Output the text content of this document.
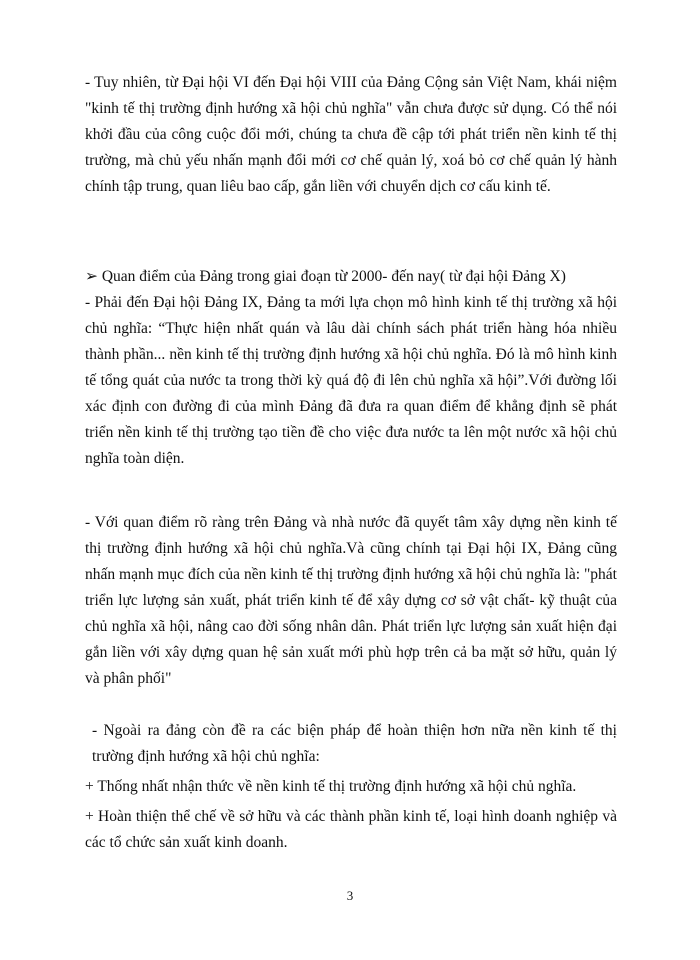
- Tuy nhiên, từ Đại hội VI đến Đại hội VIII của Đảng Cộng sản Việt Nam, khái niệm "kinh tế thị trường định hướng xã hội chủ nghĩa" vẫn chưa được sử dụng. Có thể nói khởi đầu của công cuộc đổi mới, chúng ta chưa đề cập tới phát triển nền kinh tế thị trường, mà chủ yếu nhấn mạnh đổi mới cơ chế quản lý, xoá bỏ cơ chế quản lý hành chính tập trung, quan liêu bao cấp, gắn liền với chuyển dịch cơ cấu kinh tế.

➢ Quan điểm của Đảng trong giai đoạn từ 2000- đến nay( từ đại hội Đảng X)

- Phải đến Đại hội Đảng IX, Đảng ta mới lựa chọn mô hình kinh tế thị trường xã hội chủ nghĩa: “Thực hiện nhất quán và lâu dài chính sách phát triển hàng hóa nhiều thành phần... nền kinh tế thị trường định hướng xã hội chủ nghĩa. Đó là mô hình kinh tế tổng quát của nước ta trong thời kỳ quá độ đi lên chủ nghĩa xã hội”.Với đường lối xác định con đường đi của mình Đảng đã đưa ra quan điểm để khẳng định sẽ phát triển nền kinh tế thị trường tạo tiền đề cho việc đưa nước ta lên một nước xã hội chủ nghĩa toàn diện.

- Với quan điểm rõ ràng trên Đảng và nhà nước đã quyết tâm xây dựng nền kinh tế thị trường định hướng xã hội chủ nghĩa.Và cũng chính tại Đại hội IX, Đảng cũng nhấn mạnh mục đích của nền kinh tế thị trường định hướng xã hội chủ nghĩa là: "phát triển lực lượng sản xuất, phát triển kinh tế để xây dựng cơ sở vật chất- kỹ thuật của chủ nghĩa xã hội, nâng cao đời sống nhân dân. Phát triển lực lượng sản xuất hiện đại gắn liền với xây dựng quan hệ sản xuất mới phù hợp trên cả ba mặt sở hữu, quản lý và phân phối"

- Ngoài ra đảng còn đề ra các biện pháp để hoàn thiện hơn nữa nền kinh tế thị trường định hướng xã hội chủ nghĩa:

+ Thống nhất nhận thức về nền kinh tế thị trường định hướng xã hội chủ nghĩa.

+ Hoàn thiện thể chế về sở hữu và các thành phần kinh tế, loại hình doanh nghiệp và các tổ chức sản xuất kinh doanh.

3
